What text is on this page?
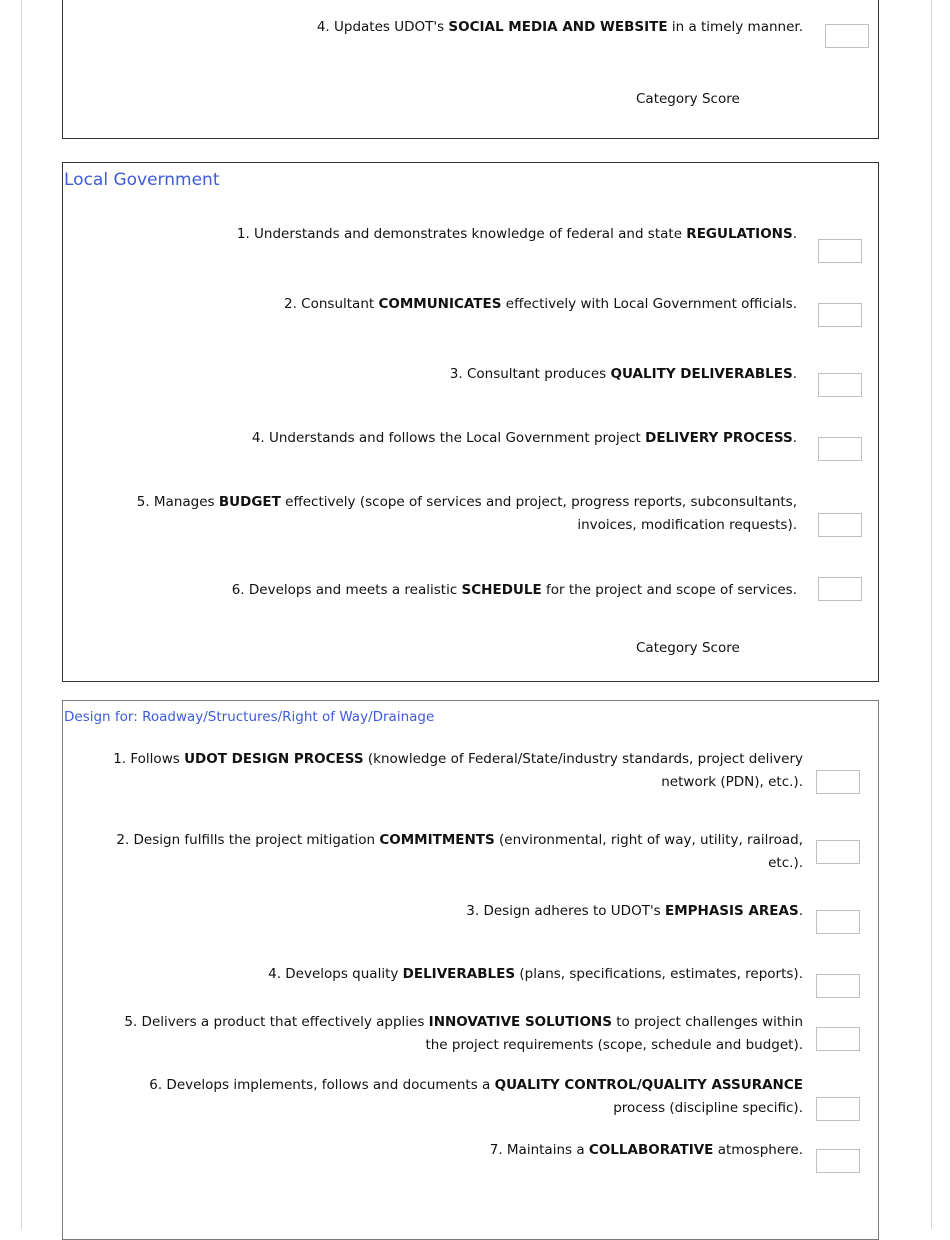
4. Updates UDOT's SOCIAL MEDIA AND WEBSITE in a timely manner.
Category Score
Local Government
1. Understands and demonstrates knowledge of federal and state REGULATIONS.
2. Consultant COMMUNICATES effectively with Local Government officials.
3. Consultant produces QUALITY DELIVERABLES.
4. Understands and follows the Local Government project DELIVERY PROCESS.
5. Manages BUDGET effectively (scope of services and project, progress reports, subconsultants, invoices, modification requests).
6. Develops and meets a realistic SCHEDULE for the project and scope of services.
Category Score
Design for: Roadway/Structures/Right of Way/Drainage
1. Follows UDOT DESIGN PROCESS (knowledge of Federal/State/industry standards, project delivery network (PDN), etc.).
2. Design fulfills the project mitigation COMMITMENTS (environmental, right of way, utility, railroad, etc.).
3. Design adheres to UDOT's EMPHASIS AREAS.
4. Develops quality DELIVERABLES (plans, specifications, estimates, reports).
5. Delivers a product that effectively applies INNOVATIVE SOLUTIONS to project challenges within the project requirements (scope, schedule and budget).
6. Develops implements, follows and documents a QUALITY CONTROL/QUALITY ASSURANCE process (discipline specific).
7. Maintains a COLLABORATIVE atmosphere.
